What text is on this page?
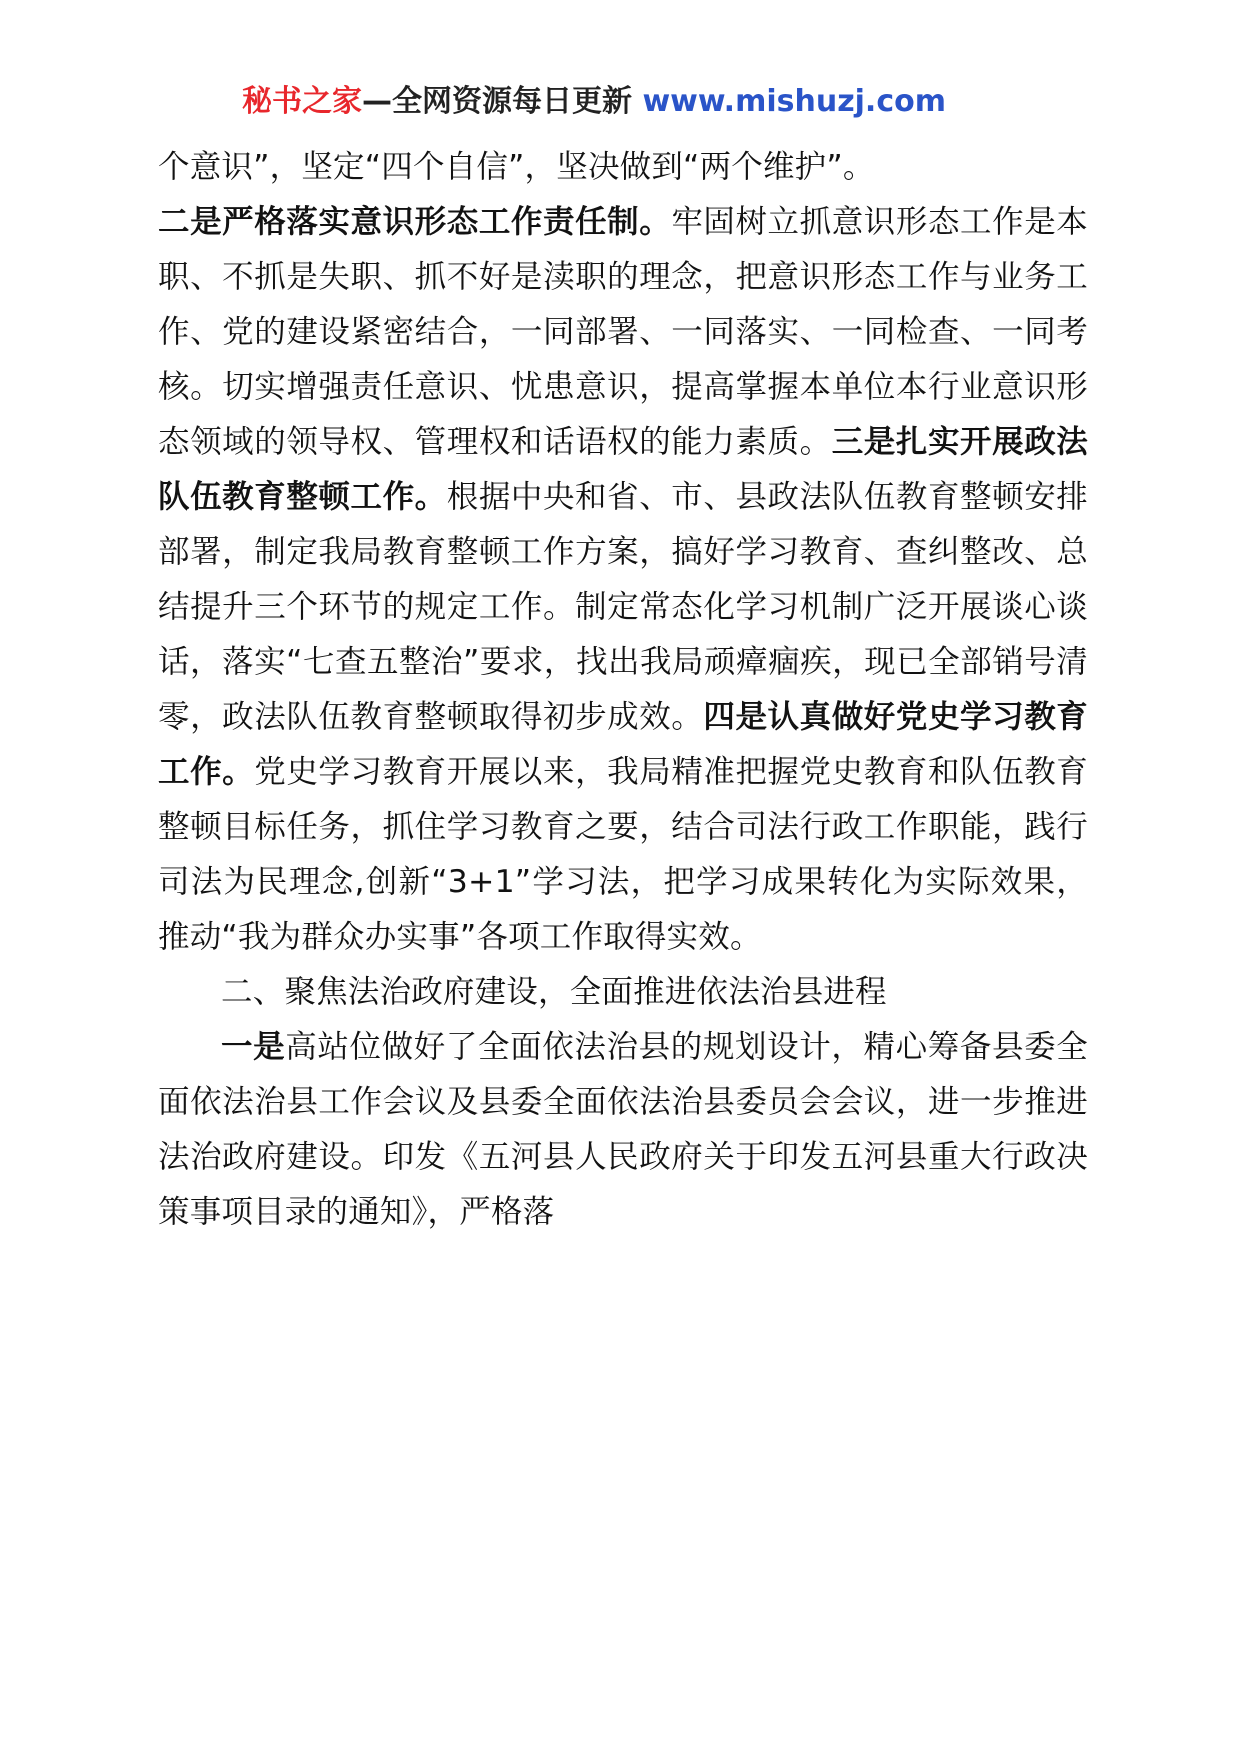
秘书之家—全网资源每日更新 www.mishuzj.com

个意识”，坚定“四个自信”，坚决做到“两个维护”。

二是严格落实意识形态工作责任制。牢固树立抓意识形态工作是本职、不抓是失职、抓不好是渎职的理念，把意识形态工作与业务工作、党的建设紧密结合，一同部署、一同落实、一同检查、一同考核。切实增强责任意识、忧患意识，提高掌握本单位本行业意识形态领域的领导权、管理权和话语权的能力素质。三是扎实开展政法队伍教育整顿工作。根据中央和省、市、县政法队伍教育整顿安排部署，制定我局教育整顿工作方案，搞好学习教育、查纠整改、总结提升三个环节的规定工作。制定常态化学习机制广泛开展谈心谈话，落实“七查五整治”要求，找出我局顽瘴痼疾，现已全部销号清零，政法队伍教育整顿取得初步成效。四是认真做好党史学习教育工作。党史学习教育开展以来，我局精准把握党史教育和队伍教育整顿目标任务，抓住学习教育之要，结合司法行政工作职能，践行司法为民理念,创新“3+1”学习法，把学习成果转化为实际效果，推动“我为群众办实事”各项工作取得实效。

二、聚焦法治政府建设，全面推进依法治县进程

一是高站位做好了全面依法治县的规划设计，精心筹备县委全面依法治县工作会议及县委全面依法治县委员会会议，进一步推进法治政府建设。印发《五河县人民政府关于印发五河县重大行政决策事项目录的通知》，严格落
